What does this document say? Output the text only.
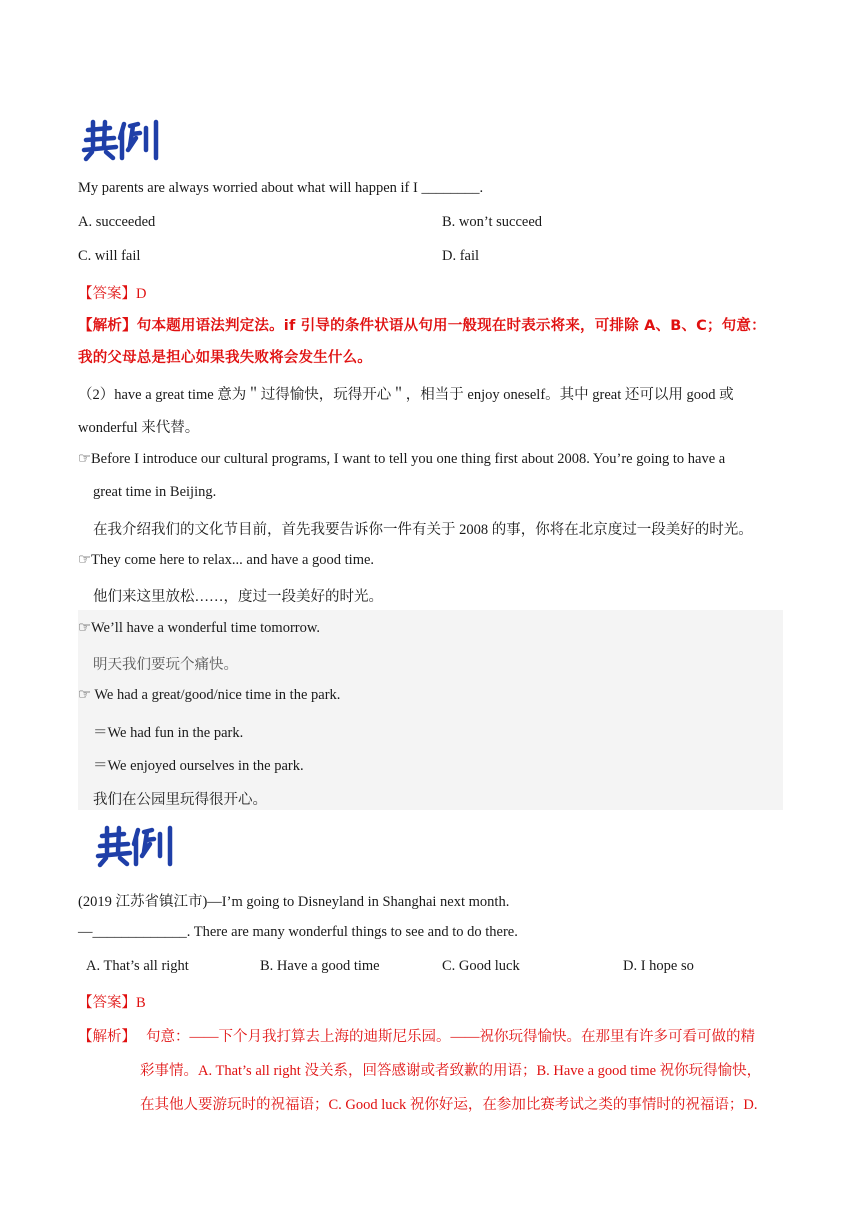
My parents are always worried about what will happen if I ________.
A. succeeded	B. won’t succeed
C. will fail	D. fail
【答案】D
【解析】句本题用语法判定法。if 引导的条件状语从句用一般现在时表示将来，可排除 A、B、C；句意：
我的父母总是担心如果我失败将会发生什么。
（2）have a great time 意为＂过得愉快，玩得开心＂，相当于 enjoy oneself。其中 great 还可以用 good 或
wonderful 来代替。
☞Before I introduce our cultural programs, I want to tell you one thing first about 2008. You’re going to have a
great time in Beijing.
在我介绍我们的文化节目前，首先我要告诉你一件有关于 2008 的事，你将在北京度过一段美好的时光。
☞They come here to relax... and have a good time.
他们来这里放松……，度过一段美好的时光。
☞We’ll have a wonderful time tomorrow.
明天我们要玩个痛快。
☞ We had a great/good/nice time in the park.
＝We had fun in the park.
＝We enjoyed ourselves in the park.
我们在公园里玩得很开心。
(2019 江苏省镇江市)—I’m going to Disneyland in Shanghai next month.
—_____________. There are many wonderful things to see and to do there.
A. That’s all right	B. Have a good time	C. Good luck	D. I hope so
【答案】B
【解析】 句意：——下个月我打算去上海的迪斯尼乐园。——祝你玩得愉快。在那里有许多可看可做的精
彩事情。A. That’s all right 没关系，回答感谢或者致歉的用语；B. Have a good time 祝你玩得愉快，
在其他人要游玩时的祝福语；C. Good luck 祝你好运，在参加比赛考试之类的事情时的祝福语；D.
